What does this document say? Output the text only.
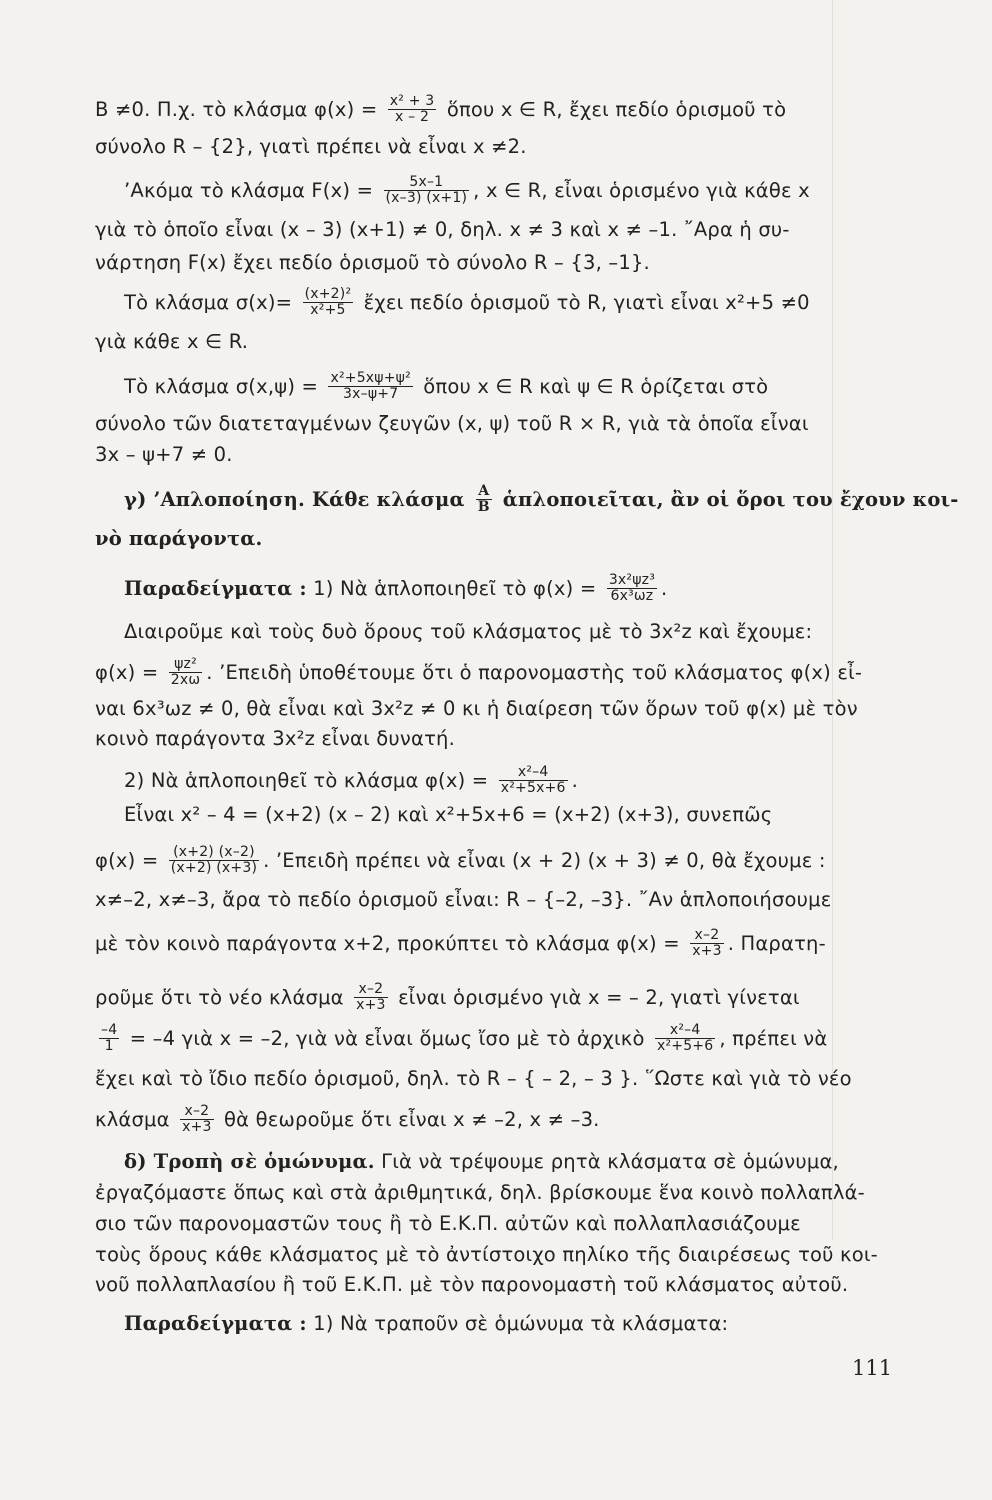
B ≠0. Π.χ. τὸ κλάσμα $\varphi(x) = \frac{\text{x² + 3}}{x - 2}$ ὅπου x ∈ R, ἔχει πεδίο ὁρισμοῦ τὸ
σύνολο R – {2}, γιατὶ πρέπει νὰ εἶναι x ≠2.
’Ακόμα τὸ κλάσμα $F(x) = \frac{5x-1}{(x-3) (x+1)}$ , x ∈ R, εἶναι ὁρισμένο γιὰ κάθε x
γιὰ τὸ ὁποῖο εἶναι (x – 3) (x+1) ≠ 0, δηλ. x ≠ 3 καὶ x ≠ –1. ῎Αρα ἡ συ-
νάρτηση F(x) ἔχει πεδίο ὁρισμοῦ τὸ σύνολο R – {3, –1}.
Τὸ κλάσμα $\sigma(x)= \frac{\text{(x+2)²}}{\text{x²+5}}$ ἔχει πεδίο ὁρισμοῦ τὸ R, γιατὶ εἶναι x²+5 ≠0
γιὰ κάθε x ∈ R.
Τὸ κλάσμα $\sigma(x,\psi) = \frac{\text{x²+5xψ+ψ²}}{3x-\psi+7}$ ὅπου x ∈ R καὶ ψ ∈ R ὁρίζεται στὸ
σύνολο τῶν διατεταγμένων ζευγῶν (x, ψ) τοῦ R × R, γιὰ τὰ ὁποῖα εἶναι
3x – ψ+7 ≠ 0.
γ) ’Απλοποίηση. Κάθε κλάσμα $\frac{A}{B}$ ἁπλοποιεῖται, ἂν οἱ ὅροι του ἔχουν κοι-
νὸ παράγοντα.
Παραδείγματα : 1) Νὰ ἁπλοποιηθεῖ τὸ $\varphi(x) = \frac{\text{3x²ψz³}}{\text{6x³ωz}}$ .
Διαιροῦμε καὶ τοὺς δυὸ ὅρους τοῦ κλάσματος μὲ τὸ 3x²z καὶ ἔχουμε:
$\varphi(x) = \frac{\text{ψz²}}{2x\omega}$ . ’Επειδὴ ὑποθέτουμε ὅτι ὁ παρονομαστὴς τοῦ κλάσματος φ(x) εἶ-
ναι 6x³ωz ≠ 0, θὰ εἶναι καὶ 3x²z ≠ 0 κι ἡ διαίρεση τῶν ὅρων τοῦ φ(x) μὲ τὸν
κοινὸ παράγοντα 3x²z εἶναι δυνατή.
2) Νὰ ἁπλοποιηθεῖ τὸ κλάσμα $\varphi(x) = \frac{\text{x²–4}}{\text{x²+5x+6}}$ .
Εἶναι x² – 4 = (x+2) (x – 2) καὶ x²+5x+6 = (x+2) (x+3), συνεπῶς
$\varphi(x) = \frac{(x+2) (x-2)}{(x+2) (x+3)}$ . ’Επειδὴ πρέπει νὰ εἶναι (x + 2) (x + 3) ≠ 0, θὰ ἔχουμε :
x≠–2, x≠–3, ἄρα τὸ πεδίο ὁρισμοῦ εἶναι: R – {–2, –3}. ῎Αν ἁπλοποιήσουμε
μὲ τὸν κοινὸ παράγοντα x+2, προκύπτει τὸ κλάσμα $\varphi(x) = \frac{x-2}{x+3}$ . Παρατη-
ροῦμε ὅτι τὸ νέο κλάσμα $\frac{x-2}{x+3}$ εἶναι ὁρισμένο γιὰ x = – 2, γιατὶ γίνεται
$\frac{-4}{1} = -4$ γιὰ x = –2, γιὰ νὰ εἶναι ὅμως ἴσο μὲ τὸ ἀρχικὸ $\frac{\text{x²–4}}{\text{x²+5+6}}$ , πρέπει νὰ
ἔχει καὶ τὸ ἴδιο πεδίο ὁρισμοῦ, δηλ. τὸ R – { – 2, – 3 }. ῞Ωστε καὶ γιὰ τὸ νέο
κλάσμα $\frac{x-2}{x+3}$ θὰ θεωροῦμε ὅτι εἶναι x ≠ –2, x ≠ –3.
δ) Τροπὴ σὲ ὁμώνυμα. Γιὰ νὰ τρέψουμε ρητὰ κλάσματα σὲ ὁμώνυμα,
ἐργαζόμαστε ὅπως καὶ στὰ ἀριθμητικά, δηλ. βρίσκουμε ἕνα κοινὸ πολλαπλά-
σιο τῶν παρονομαστῶν τους ἢ τὸ Ε.Κ.Π. αὐτῶν καὶ πολλαπλασιάζουμε
τοὺς ὅρους κάθε κλάσματος μὲ τὸ ἀντίστοιχο πηλίκο τῆς διαιρέσεως τοῦ κοι-
νοῦ πολλαπλασίου ἢ τοῦ Ε.Κ.Π. μὲ τὸν παρονομαστὴ τοῦ κλάσματος αὐτοῦ.
Παραδείγματα : 1) Νὰ τραποῦν σὲ ὁμώνυμα τὰ κλάσματα:
111
